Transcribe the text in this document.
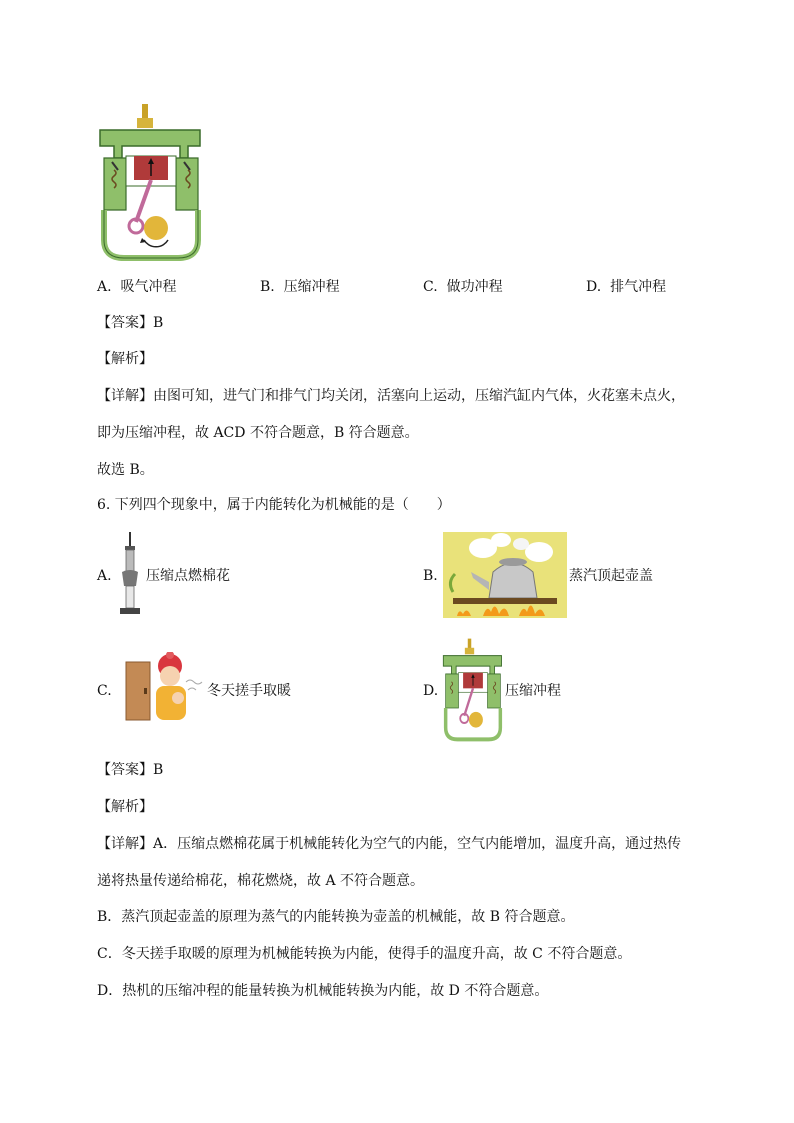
A. 吸气冲程	B. 压缩冲程	C. 做功冲程	D. 排气冲程
【答案】B
【解析】
【详解】由图可知，进气门和排气门均关闭，活塞向上运动，压缩汽缸内气体，火花塞未点火，
即为压缩冲程，故 ACD 不符合题意，B 符合题意。
故选 B。
6. 下列四个现象中，属于内能转化为机械能的是（　　）
A. 压缩点燃棉花	B.	蒸汽顶起壶盖
C.	冬天搓手取暖	D.	压缩冲程
【答案】B
【解析】
【详解】A．压缩点燃棉花属于机械能转化为空气的内能，空气内能增加，温度升高，通过热传
递将热量传递给棉花，棉花燃烧，故 A 不符合题意。
B．蒸汽顶起壶盖的原理为蒸气的内能转换为壶盖的机械能，故 B 符合题意。
C．冬天搓手取暖的原理为机械能转换为内能，使得手的温度升高，故 C 不符合题意。
D．热机的压缩冲程的能量转换为机械能转换为内能，故 D 不符合题意。
